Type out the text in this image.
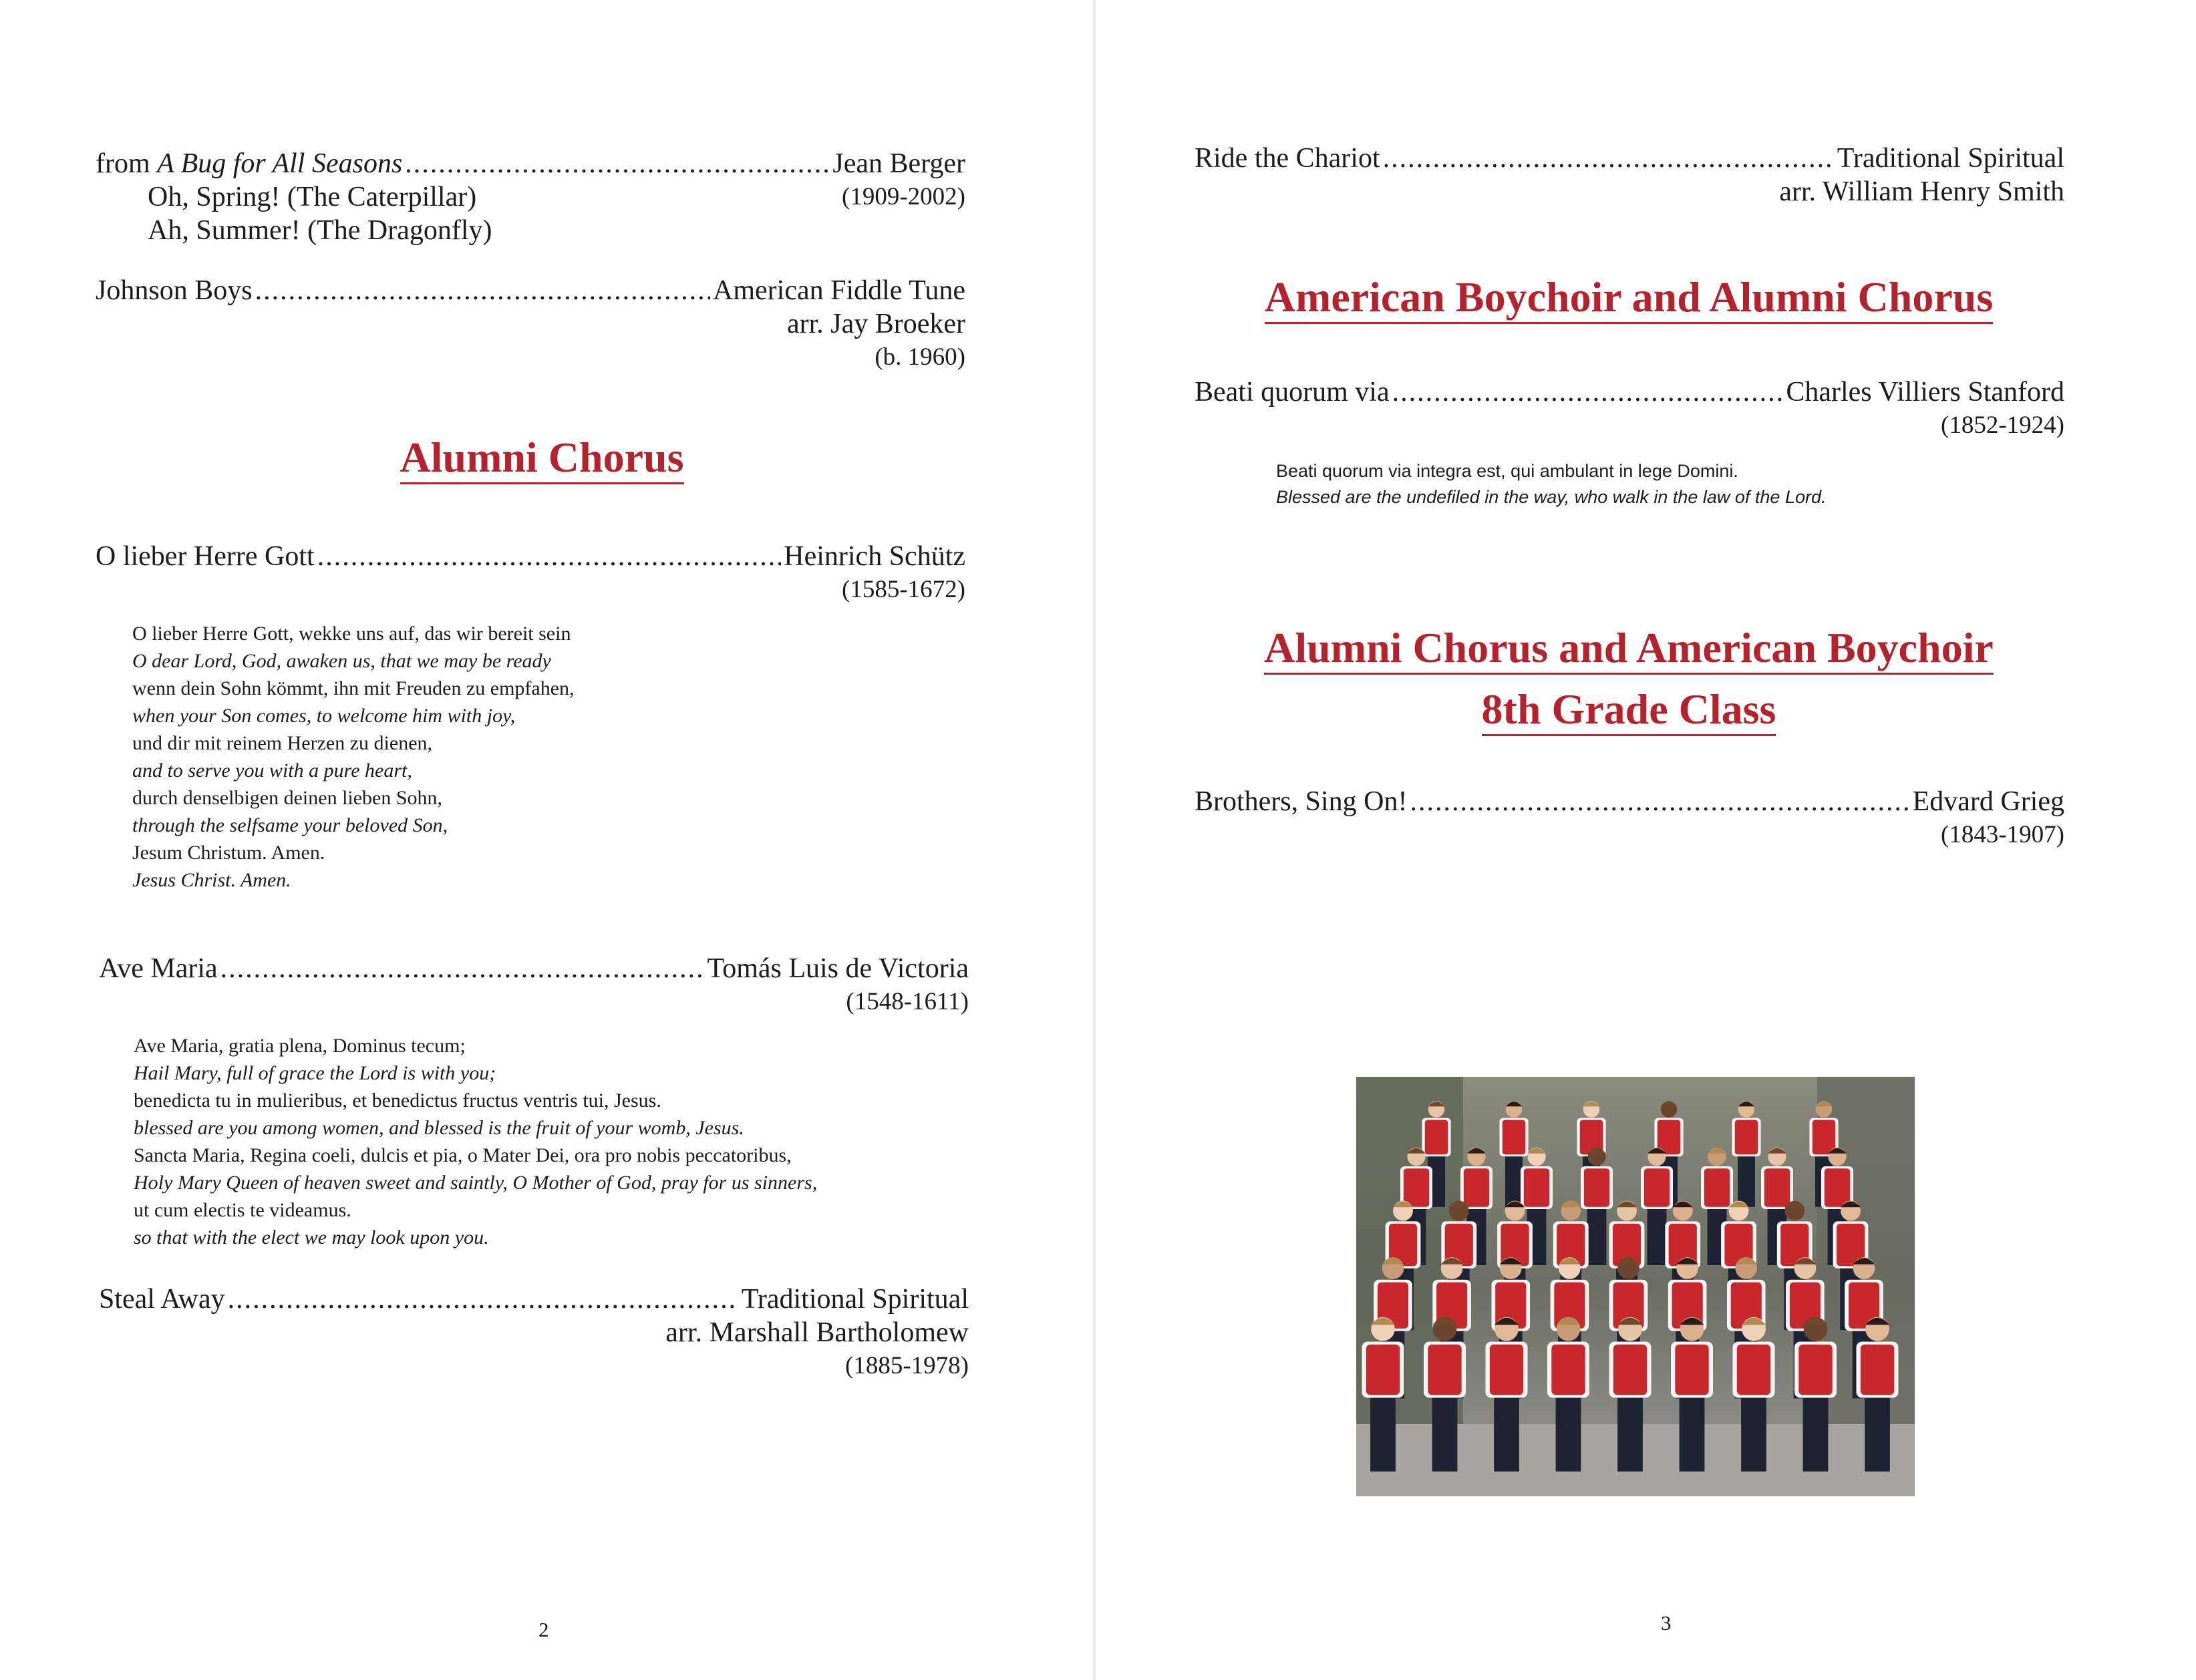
from A Bug for All Seasons .....	Jean Berger
Oh, Spring! (The Caterpillar)
Ah, Summer! (The Dragonfly)
(1909-2002)
Johnson Boys .....	American Fiddle Tune
arr. Jay Broeker
(b. 1960)
Alumni Chorus
O lieber Herre Gott .....	Heinrich Schütz
(1585-1672)
O lieber Herre Gott, wekke uns auf, das wir bereit sein
O dear Lord, God, awaken us, that we may be ready
wenn dein Sohn kömmt, ihn mit Freuden zu empfahen,
when your Son comes, to welcome him with joy,
und dir mit reinem Herzen zu dienen,
and to serve you with a pure heart,
durch denselbigen deinen lieben Sohn,
through the selfsame your beloved Son,
Jesum Christum. Amen.
Jesus Christ. Amen.
Ave Maria .....	Tomás Luis de Victoria
(1548-1611)
Ave Maria, gratia plena, Dominus tecum;
Hail Mary, full of grace the Lord is with you;
benedicta tu in mulieribus, et benedictus fructus ventris tui, Jesus.
blessed are you among women, and blessed is the fruit of your womb, Jesus.
Sancta Maria, Regina coeli, dulcis et pia, o Mater Dei, ora pro nobis peccatoribus,
Holy Mary Queen of heaven sweet and saintly, O Mother of God, pray for us sinners,
ut cum electis te videamus.
so that with the elect we may look upon you.
Steal Away .....	Traditional Spiritual
arr. Marshall Bartholomew
(1885-1978)
2
Ride the Chariot .....	Traditional Spiritual
arr. William Henry Smith
American Boychoir and Alumni Chorus
Beati quorum via .....	Charles Villiers Stanford
(1852-1924)
Beati quorum via integra est, qui ambulant in lege Domini.
Blessed are the undefiled in the way, who walk in the law of the Lord.
Alumni Chorus and American Boychoir
8th Grade Class
Brothers, Sing On! .....	Edvard Grieg
(1843-1907)
3
